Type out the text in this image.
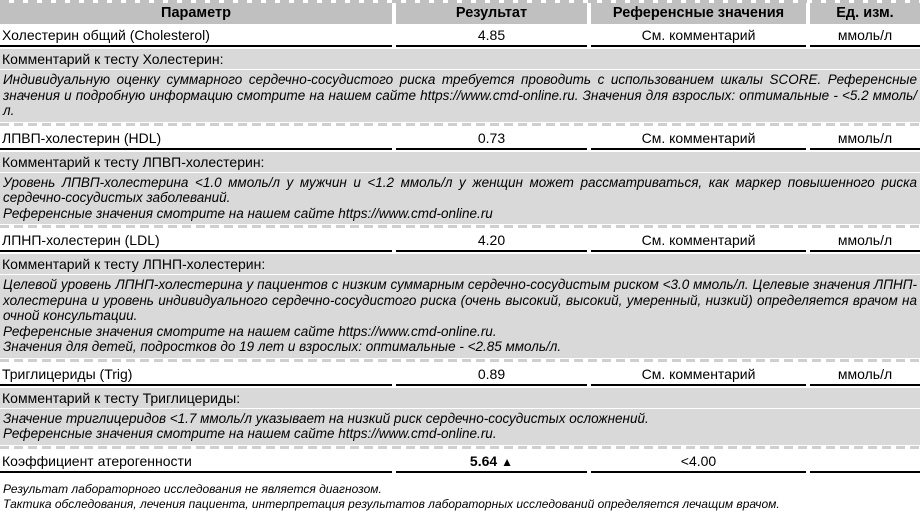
Параметр	Результат	Референсные значения	Ед. изм.
Холестерин общий (Cholesterol)	4.85	См. комментарий	ммоль/л
Комментарий к тесту Холестерин:

Индивидуальную оценку суммарного сердечно-сосудистого риска требуется проводить с использованием шкалы SCORE. Референсные значения и подробную информацию смотрите на нашем сайте https://www.cmd-online.ru. Значения для взрослых: оптимальные - <5.2 ммоль/л.

ЛПВП-холестерин (HDL)	0.73	См. комментарий	ммоль/л
Комментарий к тесту ЛПВП-холестерин:

Уровень ЛПВП-холестерина <1.0 ммоль/л у мужчин и <1.2 ммоль/л у женщин может рассматриваться, как маркер повышенного риска сердечно-сосудистых заболеваний.

Референсные значения смотрите на нашем сайте https://www.cmd-online.ru

ЛПНП-холестерин (LDL)	4.20	См. комментарий	ммоль/л
Комментарий к тесту ЛПНП-холестерин:

Целевой уровень ЛПНП-холестерина у пациентов с низким суммарным сердечно-сосудистым риском <3.0 ммоль/л. Целевые значения ЛПНП-холестерина и уровень индивидуального сердечно-сосудистого риска (очень высокий, высокий, умеренный, низкий) определяется врачом на очной консультации.

Референсные значения смотрите на нашем сайте https://www.cmd-online.ru.

Значения для детей, подростков до 19 лет и взрослых: оптимальные - <2.85 ммоль/л.

Триглицериды (Trig)	0.89	См. комментарий	ммоль/л
Комментарий к тесту Триглицериды:

Значение триглицеридов <1.7 ммоль/л указывает на низкий риск сердечно-сосудистых осложнений.

Референсные значения смотрите на нашем сайте https://www.cmd-online.ru.

Коэффициент атерогенности	5.64 ▲	<4.00
Результат лабораторного исследования не является диагнозом.
Тактика обследования, лечения пациента, интерпретация результатов лабораторных исследований определяется лечащим врачом.
